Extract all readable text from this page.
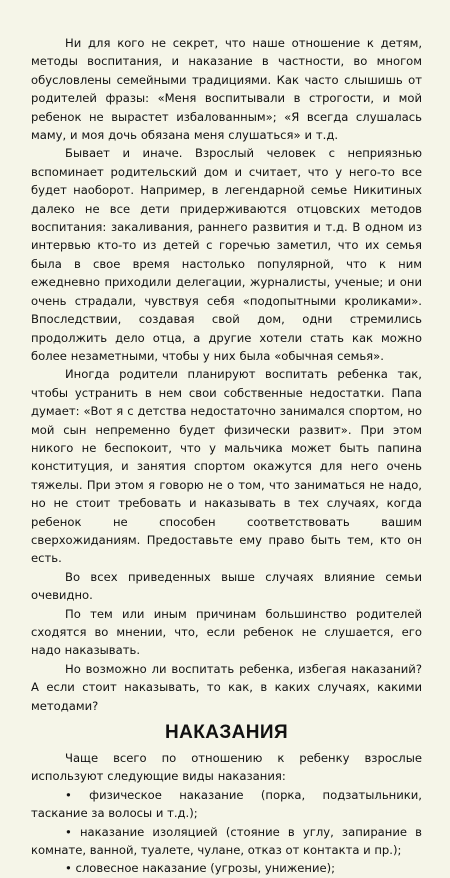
Ни для кого не секрет, что наше отношение к детям, методы воспитания, и наказание в частности, во многом обусловлены семейными традициями. Как часто слышишь от родителей фразы: «Меня воспитывали в строгости, и мой ребенок не вырастет избалованным»; «Я всегда слушалась маму, и моя дочь обязана меня слушаться» и т.д.

Бывает и иначе. Взрослый человек с неприязнью вспоминает родительский дом и считает, что у него-то все будет наоборот. Например, в легендарной семье Никитиных далеко не все дети придерживаются отцовских методов воспитания: закаливания, раннего развития и т.д. В одном из интервью кто-то из детей с горечью заметил, что их семья была в свое время настолько популярной, что к ним ежедневно приходили делегации, журналисты, ученые; и они очень страдали, чувствуя себя «подопытными кроликами». Впоследствии, создавая свой дом, одни стремились продолжить дело отца, а другие хотели стать как можно более незаметными, чтобы у них была «обычная семья».

Иногда родители планируют воспитать ребенка так, чтобы устранить в нем свои собственные недостатки. Папа думает: «Вот я с детства недостаточно занимался спортом, но мой сын непременно будет физически развит». При этом никого не беспокоит, что у мальчика может быть папина конституция, и занятия спортом окажутся для него очень тяжелы. При этом я говорю не о том, что заниматься не надо, но не стоит требовать и наказывать в тех случаях, когда ребенок не способен соответствовать вашим сверхожиданиям. Предоставьте ему право быть тем, кто он есть.

Во всех приведенных выше случаях влияние семьи очевидно.

По тем или иным причинам большинство родителей сходятся во мнении, что, если ребенок не слушается, его надо наказывать.

Но возможно ли воспитать ребенка, избегая наказаний? А если стоит наказывать, то как, в каких случаях, какими методами?

НАКАЗАНИЯ

Чаще всего по отношению к ребенку взрослые используют следующие виды наказания:

• физическое наказание (порка, подзатыльники, таскание за волосы и т.д.);
• наказание изоляцией (стояние в углу, запирание в комнате, ванной, туалете, чулане, отказ от контакта и пр.);
• словесное наказание (угрозы, унижение);
